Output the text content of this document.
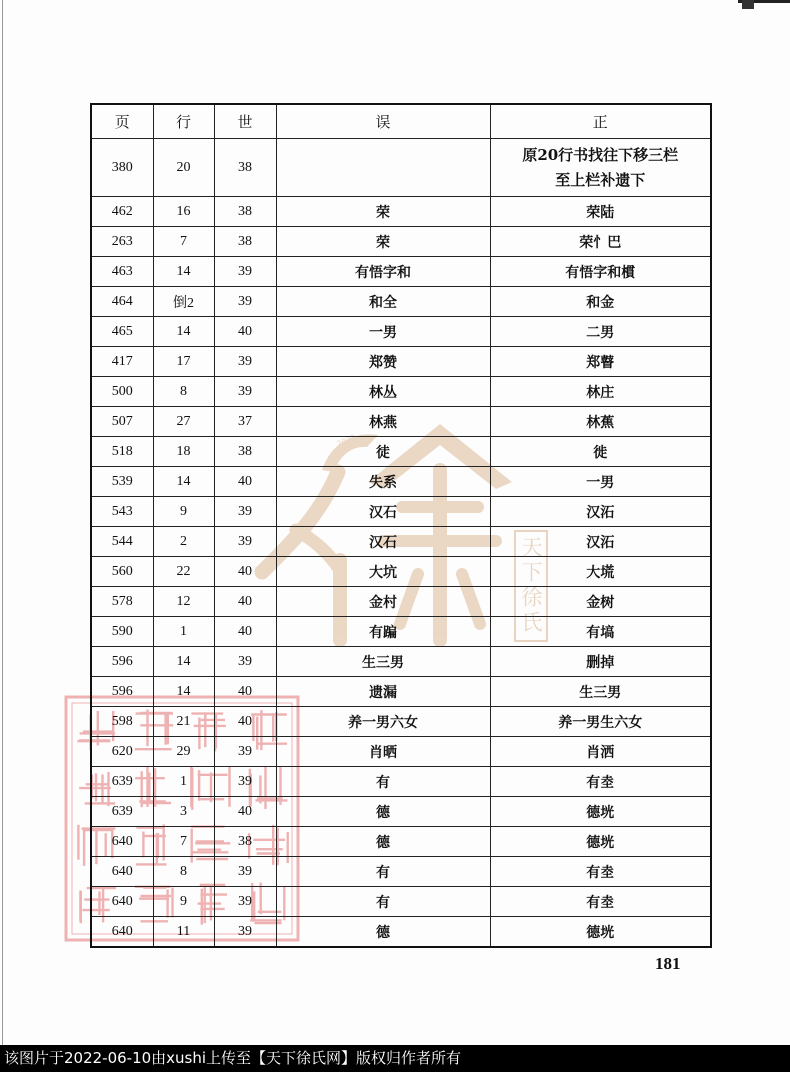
2022
天下徐氏
页	行	世	误	正
380	20	38		原20行书找往下移三栏
至上栏补遗下

462	16	38	荣	荣陆
263	7	38	荣	荣忄巴
463	14	39	有悟字和	有悟字和樌
464	倒2	39	和全	和金
465	14	40	一男	二男
417	17	39	郑赞	郑瞽
500	8	39	林丛	林庄
507	27	37	林燕	林蕉
518	18	38	徒	徙
539	14	40	失系	一男
543	9	39	汉石	汉沰
544	2	39	汉石	汉沰
560	22	40	大坑	大塃
578	12	40	金村	金树
590	1	40	有蹁	有塙
596	14	39	生三男	删掉
596	14	40	遗漏	生三男
598	21	40	养一男六女	养一男生六女
620	29	39	肖晒	肖洒
639	1	39	有	有坴
639	3	40	德	德垙
640	7	38	德	德垙
640	8	39	有	有坴
640	9	39	有	有坴
640	11	39	德	德垙
181
该图片于2022-06-10由xushi上传至【天下徐氏网】版权归作者所有
